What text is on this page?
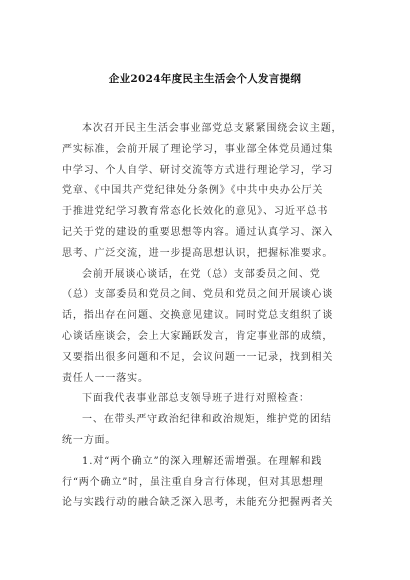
企业2024年度民主生活会个人发言提纲

本次召开民主生活会事业部党总支紧紧围绕会议主题，
严实标准，会前开展了理论学习，事业部全体党员通过集
中学习、个人自学、研讨交流等方式进行理论学习，学习
党章、《中国共产党纪律处分条例》《中共中央办公厅关
于推进党纪学习教育常态化长效化的意见》、习近平总书
记关于党的建设的重要思想等内容。通过认真学习、深入
思考、广泛交流，进一步提高思想认识，把握标准要求。

会前开展谈心谈话，在党（总）支部委员之间、党
（总）支部委员和党员之间、党员和党员之间开展谈心谈
话，指出存在问题、交换意见建议。同时党总支组织了谈
心谈话座谈会，会上大家踊跃发言，肯定事业部的成绩，
又要指出很多问题和不足，会议问题一一记录，找到相关
责任人一一落实。

下面我代表事业部总支领导班子进行对照检查：

一、在带头严守政治纪律和政治规矩，维护党的团结
统一方面。

1.对“两个确立”的深入理解还需增强。在理解和践
行“两个确立”时，虽注重自身言行体现，但对其思想理
论与实践行动的融合缺乏深入思考，未能充分把握两者关
